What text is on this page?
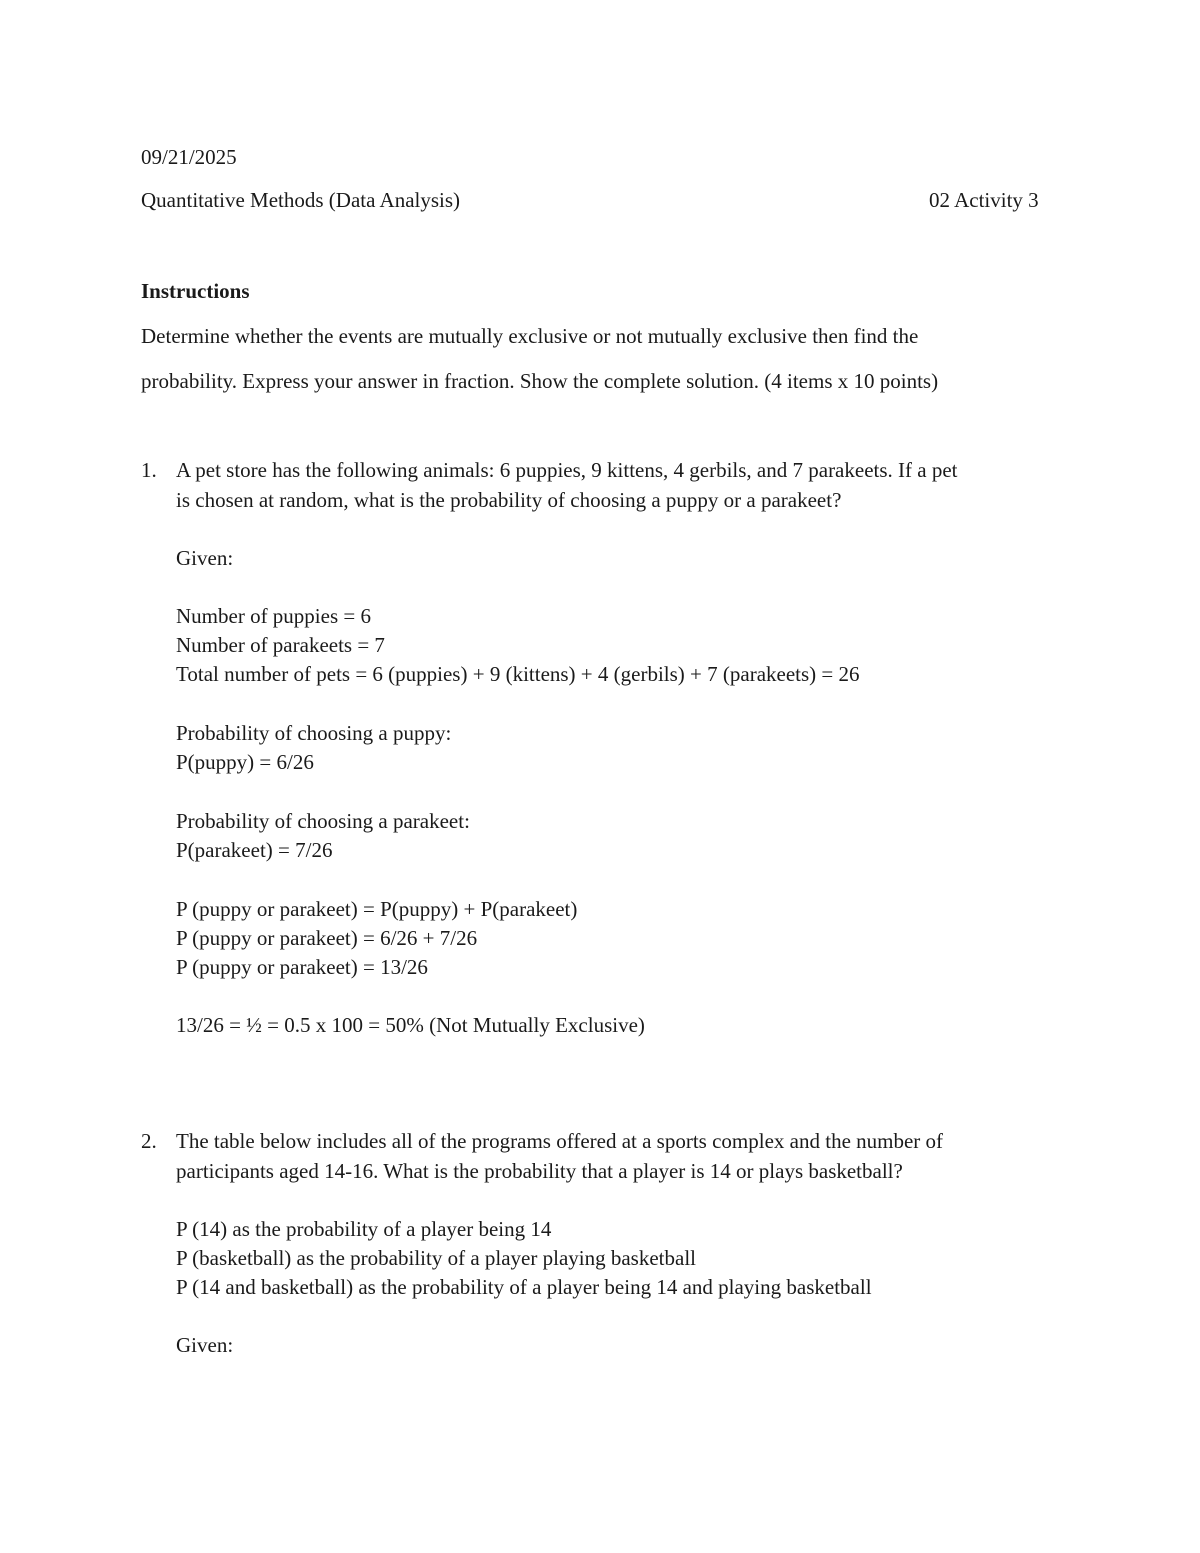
09/21/2025
Quantitative Methods (Data Analysis)	02 Activity 3
Instructions
Determine whether the events are mutually exclusive or not mutually exclusive then find the
probability. Express your answer in fraction. Show the complete solution. (4 items x 10 points)
1. A pet store has the following animals: 6 puppies, 9 kittens, 4 gerbils, and 7 parakeets. If a pet
is chosen at random, what is the probability of choosing a puppy or a parakeet?
Given:
Number of puppies = 6
Number of parakeets = 7
Total number of pets = 6 (puppies) + 9 (kittens) + 4 (gerbils) + 7 (parakeets) = 26
Probability of choosing a puppy:
P(puppy) = 6/26
Probability of choosing a parakeet:
P(parakeet) = 7/26
P (puppy or parakeet) = P(puppy) + P(parakeet)
P (puppy or parakeet) = 6/26 + 7/26
P (puppy or parakeet) = 13/26
13/26 = ½ = 0.5 x 100 = 50% (Not Mutually Exclusive)
2. The table below includes all of the programs offered at a sports complex and the number of
participants aged 14-16. What is the probability that a player is 14 or plays basketball?
P (14) as the probability of a player being 14
P (basketball) as the probability of a player playing basketball
P (14 and basketball) as the probability of a player being 14 and playing basketball
Given:
